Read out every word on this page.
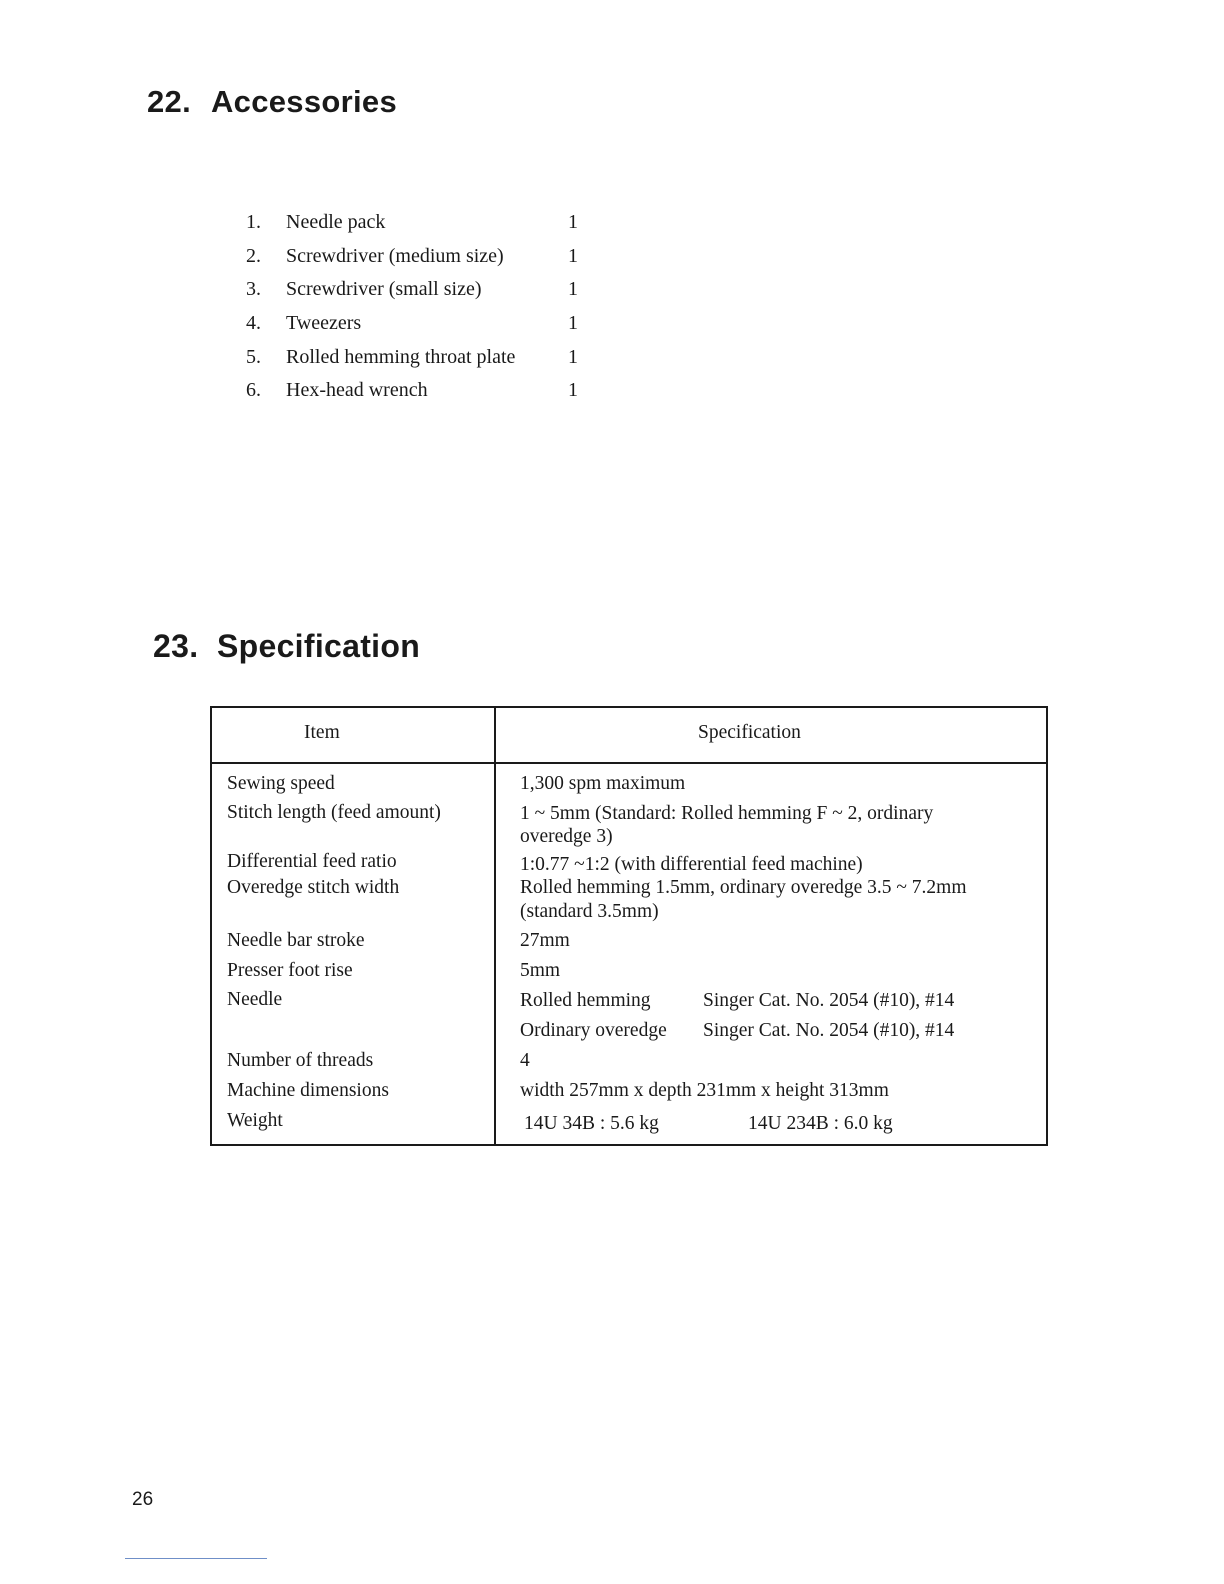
22. Accessories
1.	Needle pack	1
2.	Screwdriver (medium size)	1
3.	Screwdriver (small size)	1
4.	Tweezers	1
5.	Rolled hemming throat plate	1
6.	Hex-head wrench	1
23. Specification
Item	Specification
Sewing speed	1,300 spm maximum
Stitch length (feed amount)	1 ~ 5mm (Standard: Rolled hemming F ~ 2, ordinary
overedge 3)
Differential feed ratio	1:0.77 ~1:2 (with differential feed machine)
Overedge stitch width	Rolled hemming 1.5mm, ordinary overedge 3.5 ~ 7.2mm
(standard 3.5mm)
Needle bar stroke	27mm
Presser foot rise	5mm
Needle	Rolled hemming	Singer Cat. No. 2054 (#10), #14
Ordinary overedge Singer Cat. No. 2054 (#10), #14
Number of threads	4
Machine dimensions	width 257mm x depth 231mm x height 313mm
Weight	14U 34B : 5.6 kg	14U 234B : 6.0 kg
26
